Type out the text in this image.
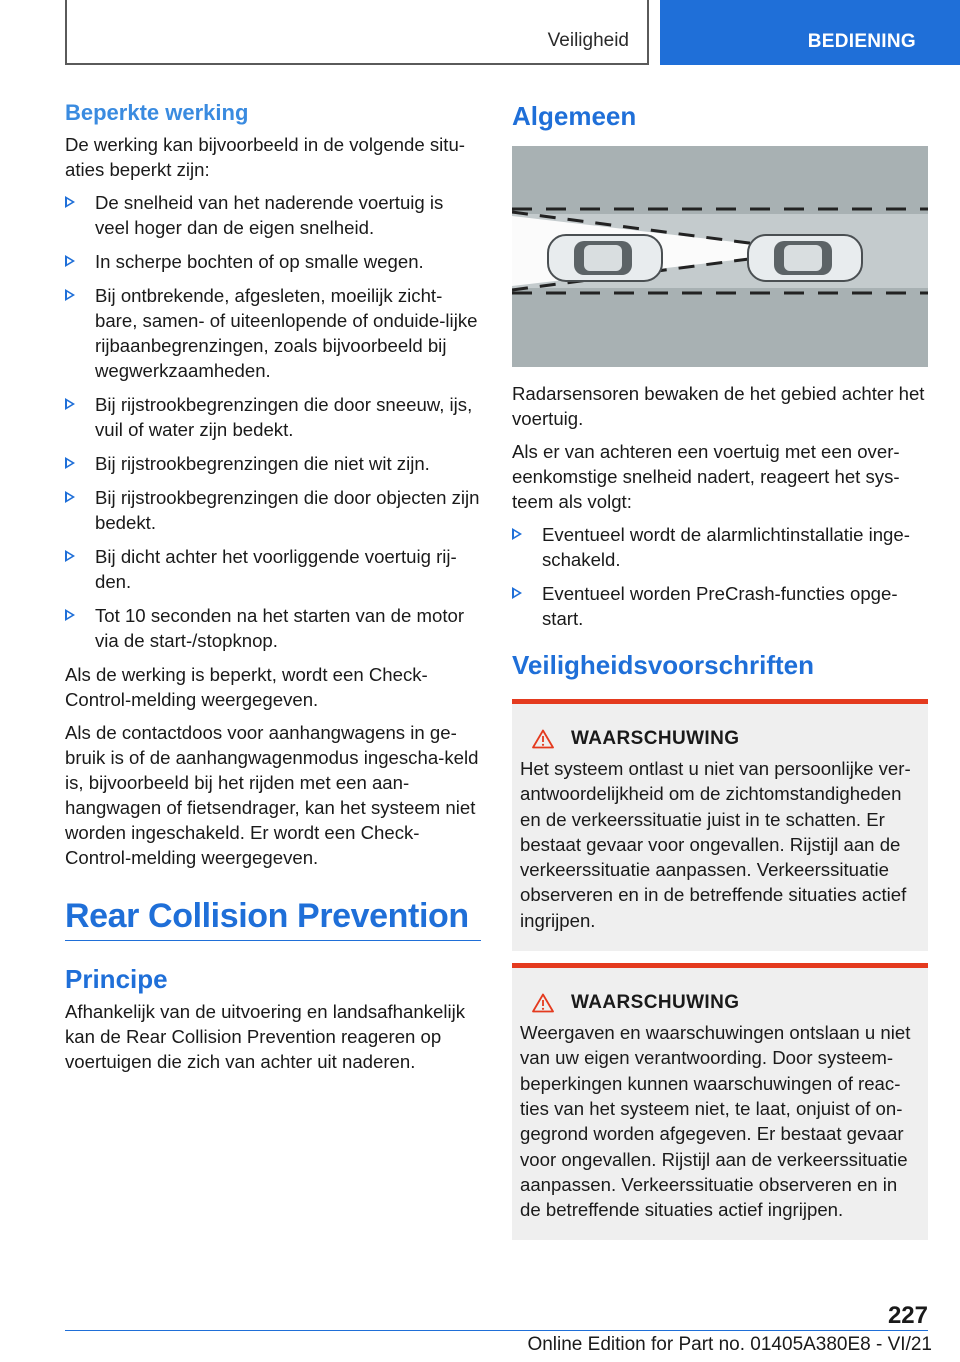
Veiligheid	BEDIENING
Beperkte werking

De werking kan bijvoorbeeld in de volgende situ-aties beperkt zijn:

De snelheid van het naderende voertuig is veel hoger dan de eigen snelheid.
In scherpe bochten of op smalle wegen.
Bij ontbrekende, afgesleten, moeilijk zicht-bare, samen- of uiteenlopende of onduide-lijke rijbaanbegrenzingen, zoals bijvoorbeeld bij wegwerkzaamheden.
Bij rijstrookbegrenzingen die door sneeuw, ijs, vuil of water zijn bedekt.
Bij rijstrookbegrenzingen die niet wit zijn.
Bij rijstrookbegrenzingen die door objecten zijn bedekt.
Bij dicht achter het voorliggende voertuig rij-den.
Tot 10 seconden na het starten van de motor via de start-/stopknop.

Als de werking is beperkt, wordt een Check-Control-melding weergegeven.

Als de contactdoos voor aanhangwagens in ge-bruik is of de aanhangwagenmodus ingescha-keld is, bijvoorbeeld bij het rijden met een aan-hangwagen of fietsendrager, kan het systeem niet worden ingeschakeld. Er wordt een Check-Control-melding weergegeven.

Rear Collision Prevention
Principe

Afhankelijk van de uitvoering en landsafhankelijk kan de Rear Collision Prevention reageren op voertuigen die zich van achter uit naderen.

Algemeen

Radarsensoren bewaken de het gebied achter het voertuig.

Als er van achteren een voertuig met een over-eenkomstige snelheid nadert, reageert het sys-teem als volgt:

Eventueel wordt de alarmlichtinstallatie inge-schakeld.
Eventueel worden PreCrash-functies opge-start.
Veiligheidsvoorschriften
WAARSCHUWING

Het systeem ontlast u niet van persoonlijke ver-antwoordelijkheid om de zichtomstandigheden en de verkeerssituatie juist in te schatten. Er bestaat gevaar voor ongevallen. Rijstijl aan de verkeerssituatie aanpassen. Verkeerssituatie observeren en in de betreffende situaties actief ingrijpen.

WAARSCHUWING

Weergaven en waarschuwingen ontslaan u niet van uw eigen verantwoording. Door systeem-beperkingen kunnen waarschuwingen of reac-ties van het systeem niet, te laat, onjuist of on-gegrond worden afgegeven. Er bestaat gevaar voor ongevallen. Rijstijl aan de verkeerssituatie aanpassen. Verkeerssituatie observeren en in de betreffende situaties actief ingrijpen.

227
Online Edition for Part no. 01405A380E8 - VI/21
